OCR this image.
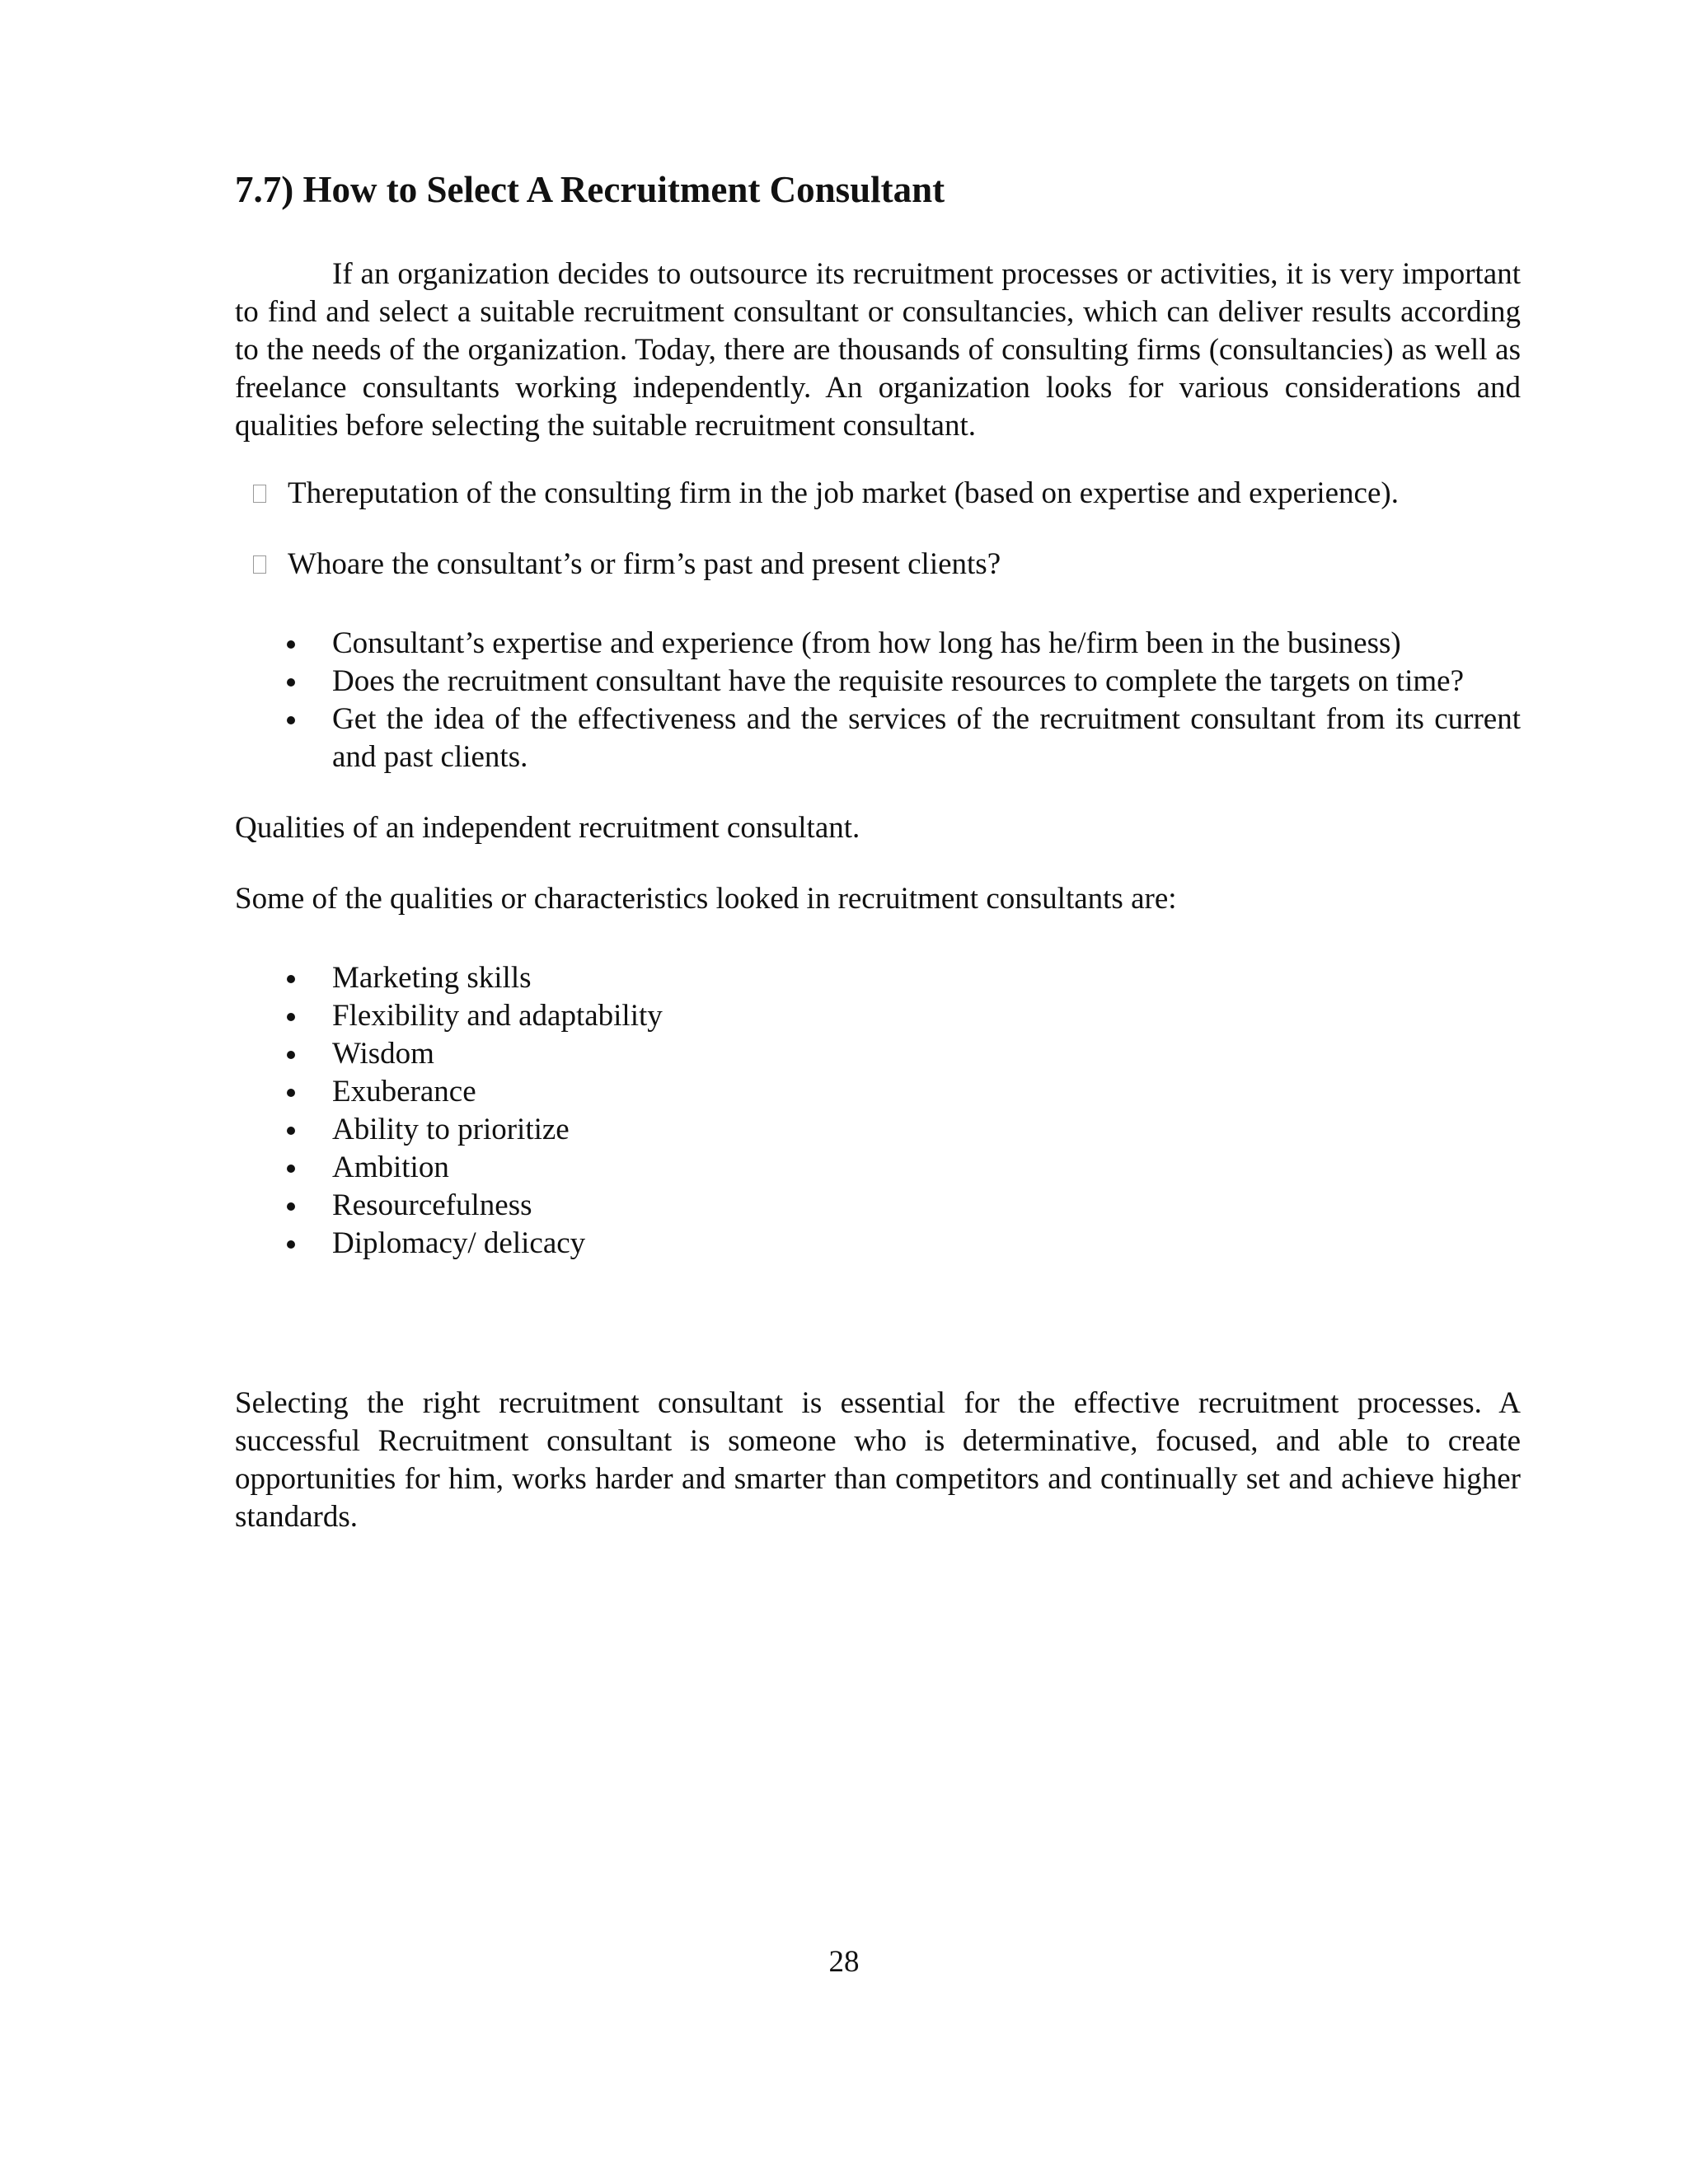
7.7) How to Select A Recruitment Consultant

If an organization decides to outsource its recruitment processes or activities, it is very important to find and select a suitable recruitment consultant or consultancies, which can deliver results according to the needs of the organization. Today, there are thousands of consulting firms (consultancies) as well as freelance consultants working independently. An organization looks for various considerations and qualities before selecting the suitable recruitment consultant.

Thereputation of the consulting firm in the job market (based on expertise and experience).
Whoare the consultant’s or firm’s past and present clients?
Consultant’s expertise and experience (from how long has he/firm been in the business)
Does the recruitment consultant have the requisite resources to complete the targets on time?
Get the idea of the effectiveness and the services of the recruitment consultant from its current and past clients.

Qualities of an independent recruitment consultant.

Some of the qualities or characteristics looked in recruitment consultants are:

Marketing skills
Flexibility and adaptability
Wisdom
Exuberance
Ability to prioritize
Ambition
Resourcefulness
Diplomacy/ delicacy

Selecting the right recruitment consultant is essential for the effective recruitment processes. A successful Recruitment consultant is someone who is determinative, focused, and able to create opportunities for him, works harder and smarter than competitors and continually set and achieve higher standards.

28
